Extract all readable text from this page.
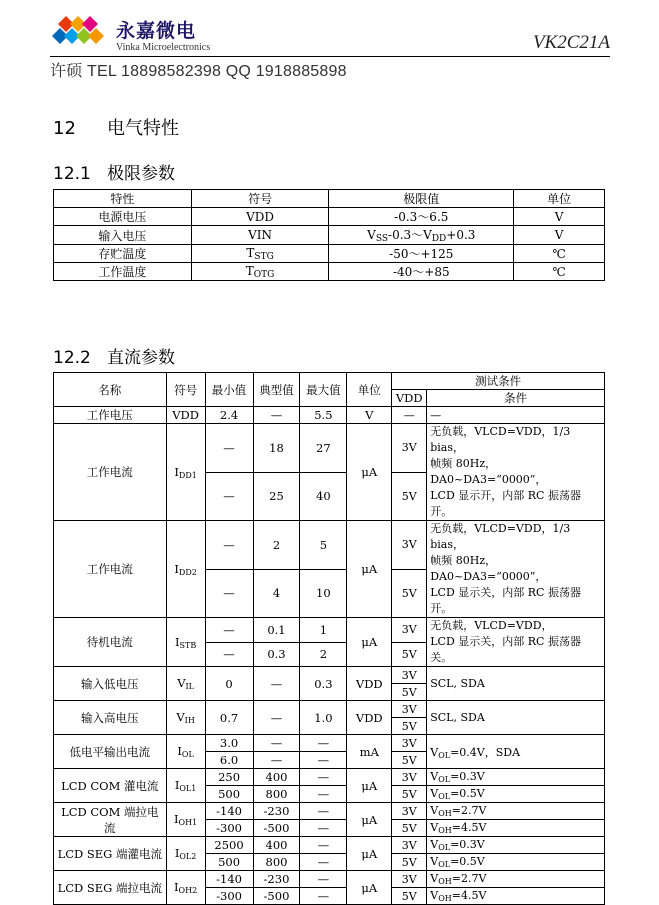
永嘉微电
Vinka Microelectronics	VK2C21A
许硕 TEL 18898582398 QQ 1918885898
12 电气特性
12.1 极限参数
特性	符号	极限值	单位
电源电压	VDD	-0.3～6.5	V
输入电压	VIN	VSS-0.3～VDD+0.3	V
存贮温度	TSTG	-50～+125	℃
工作温度	TOTG	-40～+85	℃
12.2 直流参数
名称	符号	最小值	典型值	最大值	单位	测试条件	
						VDD	条件
工作电压	VDD	2.4	—	5.5	V	—	—
工作电流	$I_{DD1}$	—	18	27	μA	3V	无负载，VLCD=VDD，1/3 bias，
帧频 80Hz，DA0~DA3=“0000”，
LCD 显示开，内部 RC 振荡器开。
		—	25	40		5V	
工作电流	$I_{DD2}$	—	2	5	μA	3V	无负载，VLCD=VDD，1/3 bias，
帧频 80Hz，DA0~DA3=“0000”，
LCD 显示关，内部 RC 振荡器开。
		—	4	10		5V	
待机电流	$I_{STB}$	—	0.1	1	μA	3V	无负载，VLCD=VDD，
LCD 显示关，内部 RC 振荡器关。
		—	0.3	2		5V	
输入低电压	$V_{IL}$	0	—	0.3	VDD	3V	SCL, SDA
						5V	
输入高电压	$V_{IH}$	0.7	—	1.0	VDD	3V	SCL, SDA
						5V	
低电平输出电流	$I_{OL}$	3.0	—	—	mA	3V	$V_{OL}=0.4V$，SDA
		6.0	—	—		5V	
LCD COM 灌电流	$I_{OL1}$	250	400	—	μA	3V	$V_{OL}=0.3V$
		500	800	—		5V	$V_{OL}=0.5V$
LCD COM 端拉电流	$I_{OH1}$	-140	-230	—	μA	3V	$V_{OH}=2.7V$
		-300	-500	—		5V	$V_{OH}=4.5V$
LCD SEG 端灌电流	$I_{OL2}$	2500	400	—	μA	3V	$V_{OL}=0.3V$
		500	800	—		5V	$V_{OL}=0.5V$
LCD SEG 端拉电流	$I_{OH2}$	-140	-230	—	μA	3V	$V_{OH}=2.7V$
		-300	-500	—		5V	$V_{OH}=4.5V$
